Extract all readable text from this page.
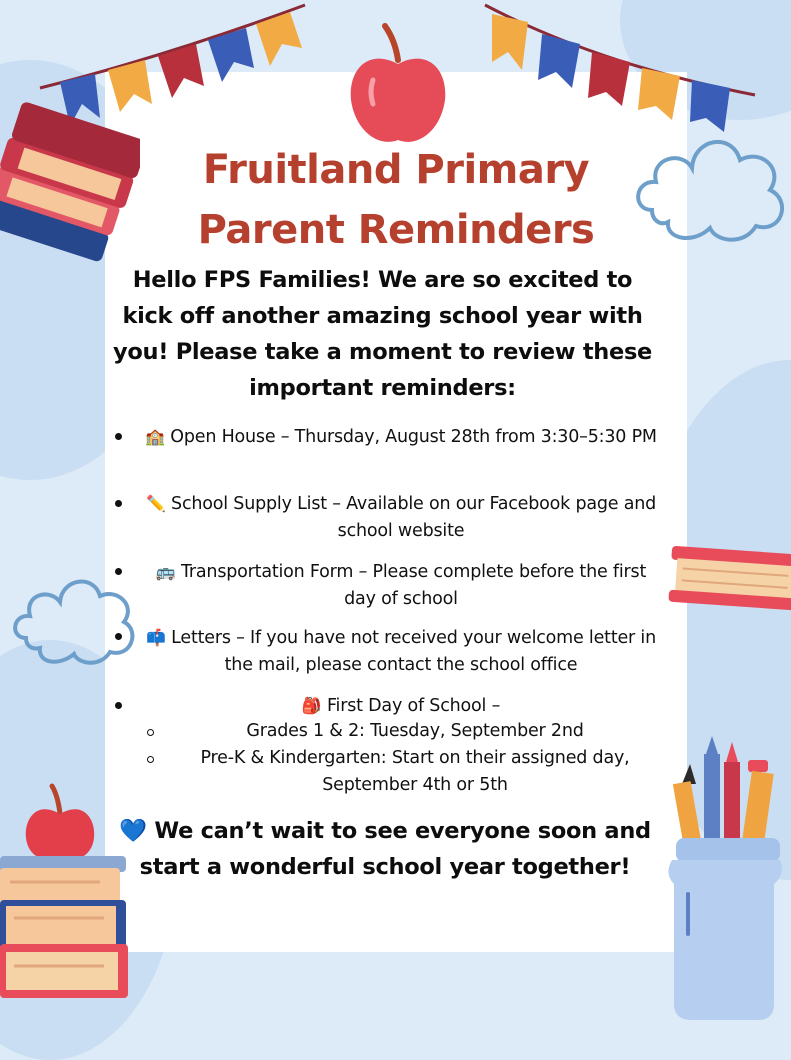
Fruitland Primary
Parent Reminders
Hello FPS Families! We are so excited to kick off another amazing school year with you! Please take a moment to review these important reminders:
🏫 Open House – Thursday, August 28th from 3:30–5:30 PM
✏️ School Supply List – Available on our Facebook page and school website
🚌 Transportation Form – Please complete before the first day of school
📫 Letters – If you have not received your welcome letter in the mail, please contact the school office
🎒 First Day of School –
Grades 1 & 2: Tuesday, September 2nd
Pre-K & Kindergarten: Start on their assigned day, September 4th or 5th
💙 We can’t wait to see everyone soon and start a wonderful school year together!
